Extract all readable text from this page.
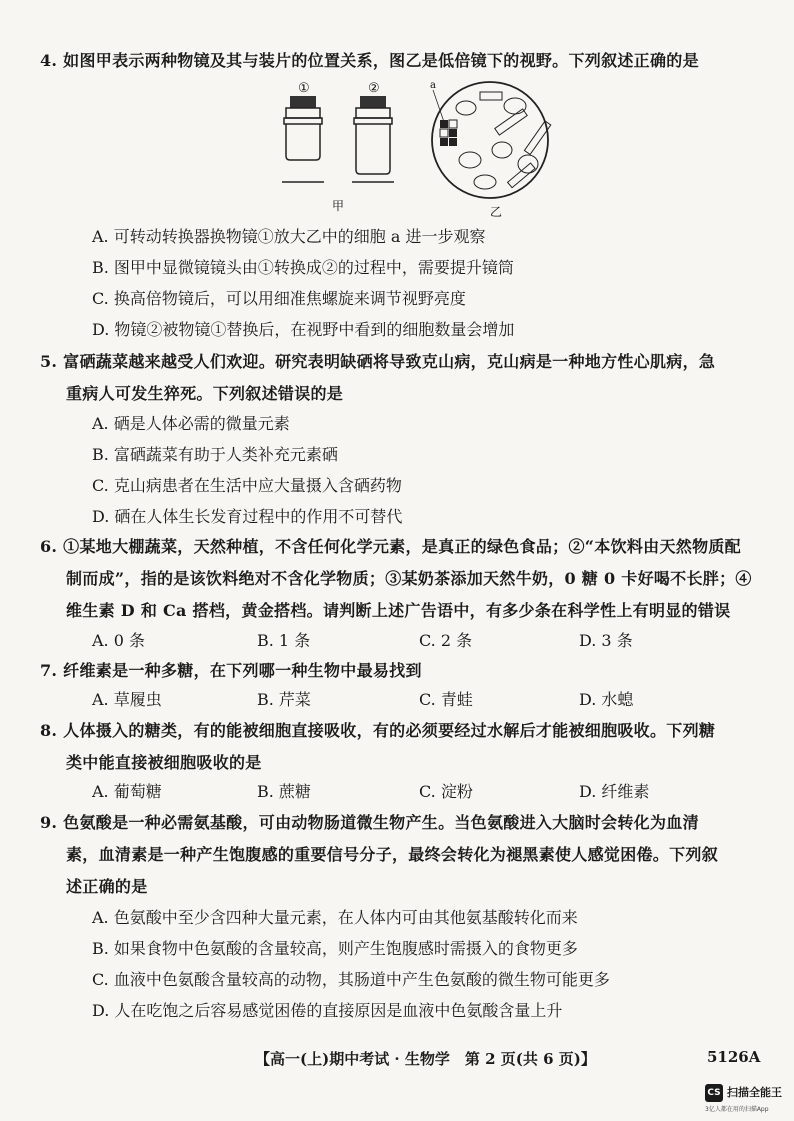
4. 如图甲表示两种物镜及其与装片的位置关系，图乙是低倍镜下的视野。下列叙述正确的是
①	②
甲
a
乙
A. 可转动转换器换物镜①放大乙中的细胞 a 进一步观察
B. 图甲中显微镜镜头由①转换成②的过程中，需要提升镜筒
C. 换高倍物镜后，可以用细准焦螺旋来调节视野亮度
D. 物镜②被物镜①替换后，在视野中看到的细胞数量会增加
5. 富硒蔬菜越来越受人们欢迎。研究表明缺硒将导致克山病，克山病是一种地方性心肌病，急
重病人可发生猝死。下列叙述错误的是
A. 硒是人体必需的微量元素
B. 富硒蔬菜有助于人类补充元素硒
C. 克山病患者在生活中应大量摄入含硒药物
D. 硒在人体生长发育过程中的作用不可替代
6. ①某地大棚蔬菜，天然种植，不含任何化学元素，是真正的绿色食品；②“本饮料由天然物质配
制而成”，指的是该饮料绝对不含化学物质；③某奶茶添加天然牛奶，0 糖 0 卡好喝不长胖；④
维生素 D 和 Ca 搭档，黄金搭档。请判断上述广告语中，有多少条在科学性上有明显的错误
A. 0 条	B. 1 条	C. 2 条	D. 3 条
7. 纤维素是一种多糖，在下列哪一种生物中最易找到
A. 草履虫	B. 芹菜	C. 青蛙	D. 水螅
8. 人体摄入的糖类，有的能被细胞直接吸收，有的必须要经过水解后才能被细胞吸收。下列糖
类中能直接被细胞吸收的是
A. 葡萄糖	B. 蔗糖	C. 淀粉	D. 纤维素
9. 色氨酸是一种必需氨基酸，可由动物肠道微生物产生。当色氨酸进入大脑时会转化为血清
素，血清素是一种产生饱腹感的重要信号分子，最终会转化为褪黑素使人感觉困倦。下列叙
述正确的是
A. 色氨酸中至少含四种大量元素，在人体内可由其他氨基酸转化而来
B. 如果食物中色氨酸的含量较高，则产生饱腹感时需摄入的食物更多
C. 血液中色氨酸含量较高的动物，其肠道中产生色氨酸的微生物可能更多
D. 人在吃饱之后容易感觉困倦的直接原因是血液中色氨酸含量上升
【高一(上)期中考试 · 生物学　第 2 页(共 6 页)】	5126A
CS 扫描全能王
3亿人都在用的扫描App
